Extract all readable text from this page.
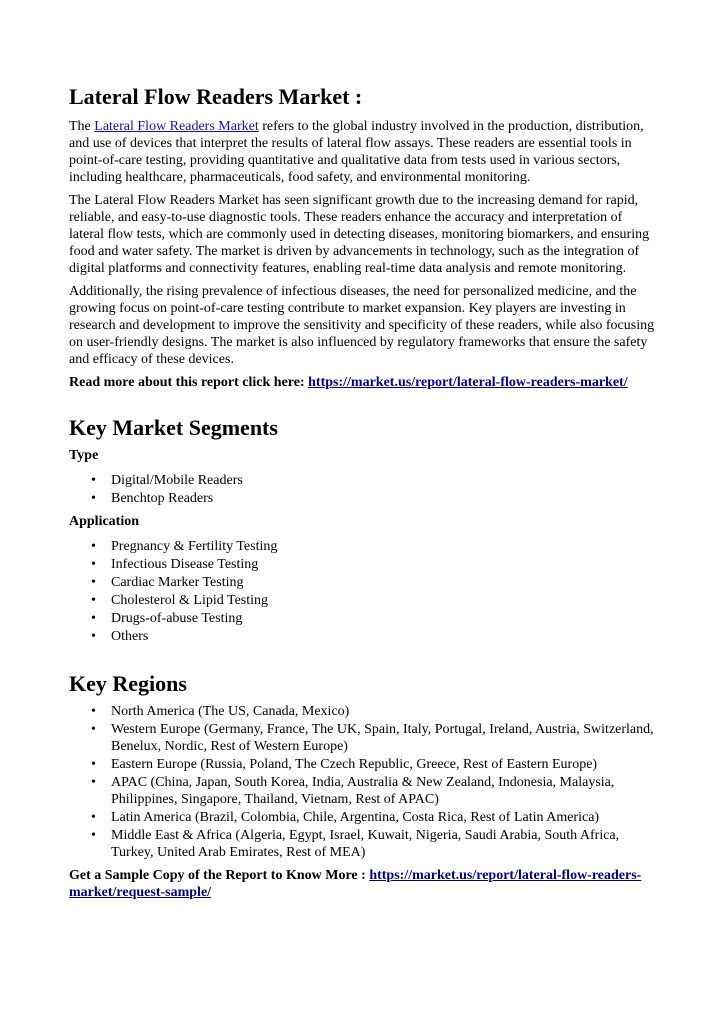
Lateral Flow Readers Market :

The Lateral Flow Readers Market refers to the global industry involved in the production, distribution, and use of devices that interpret the results of lateral flow assays. These readers are essential tools in point-of-care testing, providing quantitative and qualitative data from tests used in various sectors, including healthcare, pharmaceuticals, food safety, and environmental monitoring.

The Lateral Flow Readers Market has seen significant growth due to the increasing demand for rapid, reliable, and easy-to-use diagnostic tools. These readers enhance the accuracy and interpretation of lateral flow tests, which are commonly used in detecting diseases, monitoring biomarkers, and ensuring food and water safety. The market is driven by advancements in technology, such as the integration of digital platforms and connectivity features, enabling real-time data analysis and remote monitoring.

Additionally, the rising prevalence of infectious diseases, the need for personalized medicine, and the growing focus on point-of-care testing contribute to market expansion. Key players are investing in research and development to improve the sensitivity and specificity of these readers, while also focusing on user-friendly designs. The market is also influenced by regulatory frameworks that ensure the safety and efficacy of these devices.

Read more about this report click here: https://market.us/report/lateral-flow-readers-market/

Key Market Segments
Type
• Digital/Mobile Readers
• Benchtop Readers
Application
• Pregnancy & Fertility Testing
• Infectious Disease Testing
• Cardiac Marker Testing
• Cholesterol & Lipid Testing
• Drugs-of-abuse Testing
• Others
Key Regions
• North America (The US, Canada, Mexico)
• Western Europe (Germany, France, The UK, Spain, Italy, Portugal, Ireland, Austria, Switzerland, Benelux, Nordic, Rest of Western Europe)
• Eastern Europe (Russia, Poland, The Czech Republic, Greece, Rest of Eastern Europe)
• APAC (China, Japan, South Korea, India, Australia & New Zealand, Indonesia, Malaysia, Philippines, Singapore, Thailand, Vietnam, Rest of APAC)
• Latin America (Brazil, Colombia, Chile, Argentina, Costa Rica, Rest of Latin America)
• Middle East & Africa (Algeria, Egypt, Israel, Kuwait, Nigeria, Saudi Arabia, South Africa, Turkey, United Arab Emirates, Rest of MEA)

Get a Sample Copy of the Report to Know More : https://market.us/report/lateral-flow-readers-market/request-sample/
